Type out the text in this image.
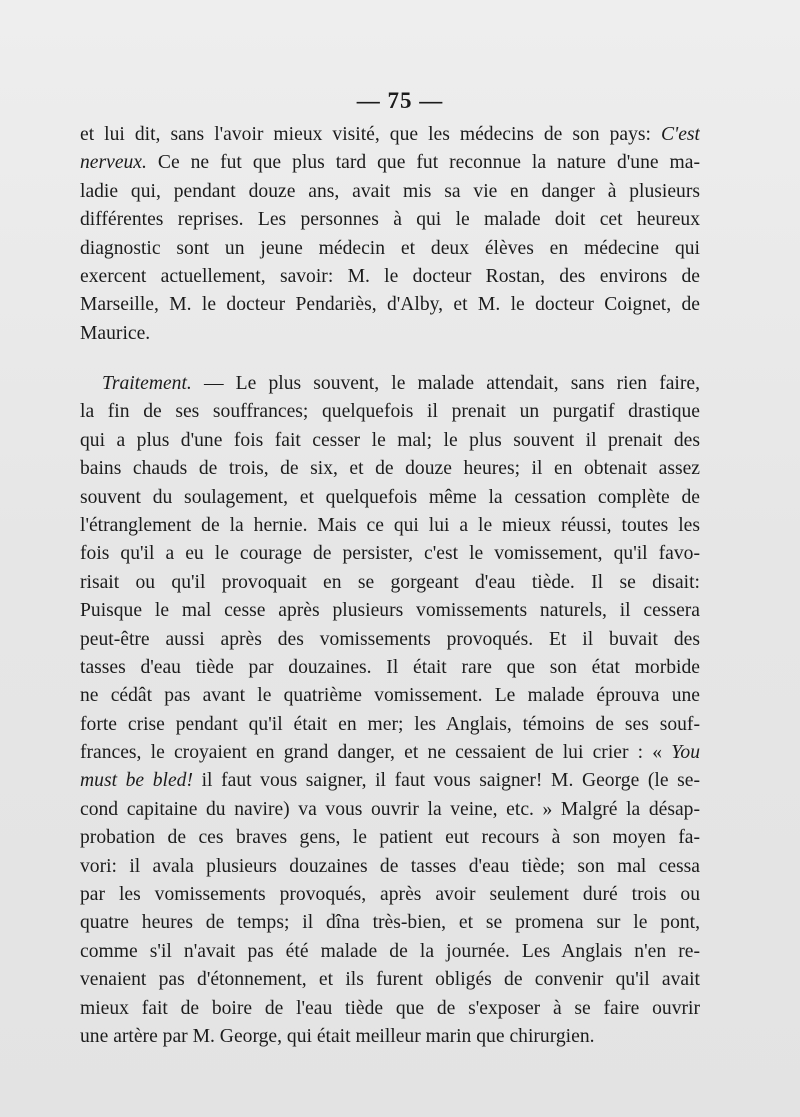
— 75 —
et lui dit, sans l'avoir mieux visité, que les médecins de son pays: C'est
nerveux. Ce ne fut que plus tard que fut reconnue la nature d'une ma-
ladie qui, pendant douze ans, avait mis sa vie en danger à plusieurs
différentes reprises. Les personnes à qui le malade doit cet heureux
diagnostic sont un jeune médecin et deux élèves en médecine qui
exercent actuellement, savoir: M. le docteur Rostan, des environs de
Marseille, M. le docteur Pendariès, d'Alby, et M. le docteur Coignet, de
Maurice.
Traitement. — Le plus souvent, le malade attendait, sans rien faire,
la fin de ses souffrances; quelquefois il prenait un purgatif drastique
qui a plus d'une fois fait cesser le mal; le plus souvent il prenait des
bains chauds de trois, de six, et de douze heures; il en obtenait assez
souvent du soulagement, et quelquefois même la cessation complète de
l'étranglement de la hernie. Mais ce qui lui a le mieux réussi, toutes les
fois qu'il a eu le courage de persister, c'est le vomissement, qu'il favo-
risait ou qu'il provoquait en se gorgeant d'eau tiède. Il se disait:
Puisque le mal cesse après plusieurs vomissements naturels, il cessera
peut-être aussi après des vomissements provoqués. Et il buvait des
tasses d'eau tiède par douzaines. Il était rare que son état morbide
ne cédât pas avant le quatrième vomissement. Le malade éprouva une
forte crise pendant qu'il était en mer; les Anglais, témoins de ses souf-
frances, le croyaient en grand danger, et ne cessaient de lui crier : « You
must be bled! il faut vous saigner, il faut vous saigner! M. George (le se-
cond capitaine du navire) va vous ouvrir la veine, etc. » Malgré la désap-
probation de ces braves gens, le patient eut recours à son moyen fa-
vori: il avala plusieurs douzaines de tasses d'eau tiède; son mal cessa
par les vomissements provoqués, après avoir seulement duré trois ou
quatre heures de temps; il dîna très-bien, et se promena sur le pont,
comme s'il n'avait pas été malade de la journée. Les Anglais n'en re-
venaient pas d'étonnement, et ils furent obligés de convenir qu'il avait
mieux fait de boire de l'eau tiède que de s'exposer à se faire ouvrir
une artère par M. George, qui était meilleur marin que chirurgien.
